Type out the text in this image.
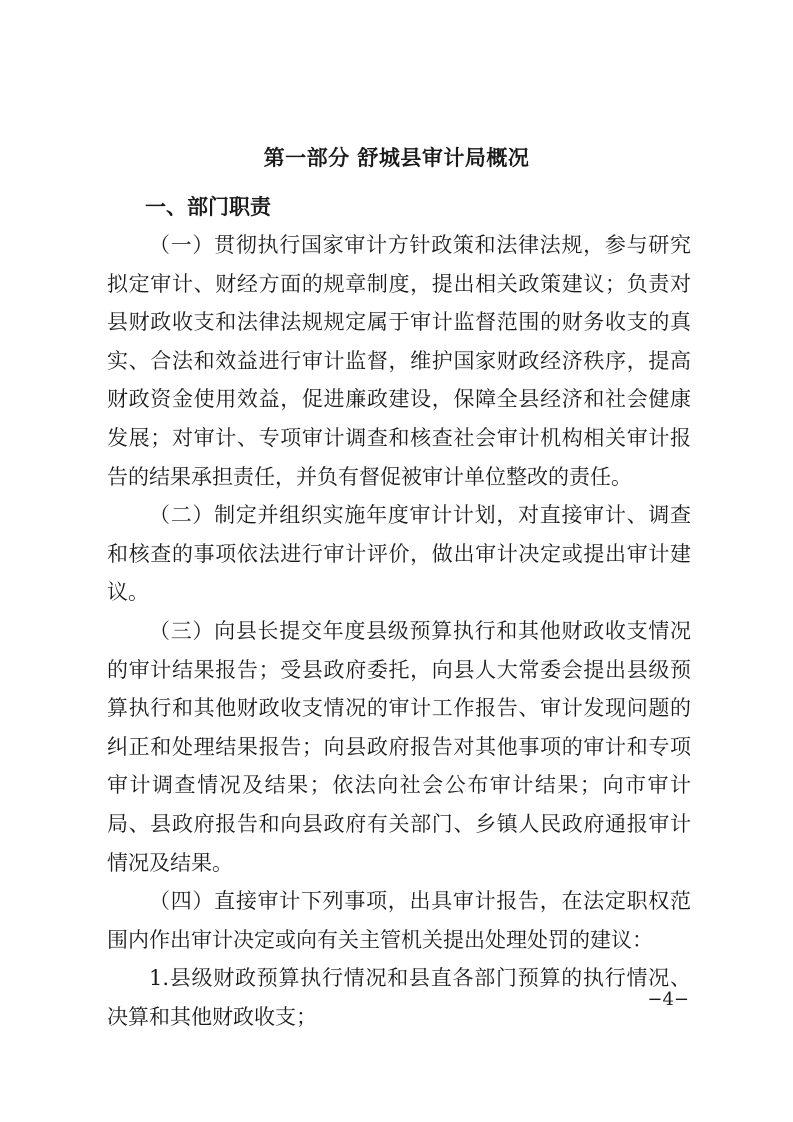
第一部分 舒城县审计局概况
一、部门职责

（一）贯彻执行国家审计方针政策和法律法规，参与研究拟定审计、财经方面的规章制度，提出相关政策建议；负责对县财政收支和法律法规规定属于审计监督范围的财务收支的真实、合法和效益进行审计监督，维护国家财政经济秩序，提高财政资金使用效益，促进廉政建设，保障全县经济和社会健康发展；对审计、专项审计调查和核查社会审计机构相关审计报告的结果承担责任，并负有督促被审计单位整改的责任。

（二）制定并组织实施年度审计计划，对直接审计、调查和核查的事项依法进行审计评价，做出审计决定或提出审计建议。

（三）向县长提交年度县级预算执行和其他财政收支情况的审计结果报告；受县政府委托，向县人大常委会提出县级预算执行和其他财政收支情况的审计工作报告、审计发现问题的纠正和处理结果报告；向县政府报告对其他事项的审计和专项审计调查情况及结果；依法向社会公布审计结果；向市审计局、县政府报告和向县政府有关部门、乡镇人民政府通报审计情况及结果。

（四）直接审计下列事项，出具审计报告，在法定职权范围内作出审计决定或向有关主管机关提出处理处罚的建议：

1.县级财政预算执行情况和县直各部门预算的执行情况、决算和其他财政收支；

−4−
